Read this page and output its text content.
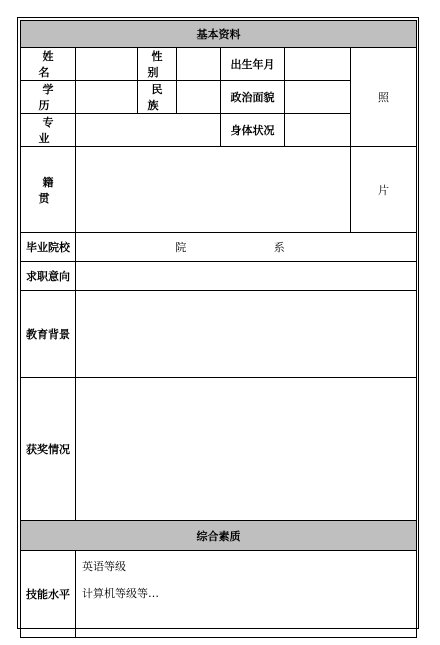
基本资料						
姓 名		性 别		出生年月		照
学 历		民 族		政治面貌		
专 业				身体状况		
籍 贯						片
毕业院校	院 系					
求职意向						
教育背景						
获奖情况						
综合素质						
技能水平	英语等级
计算机等级等…					
